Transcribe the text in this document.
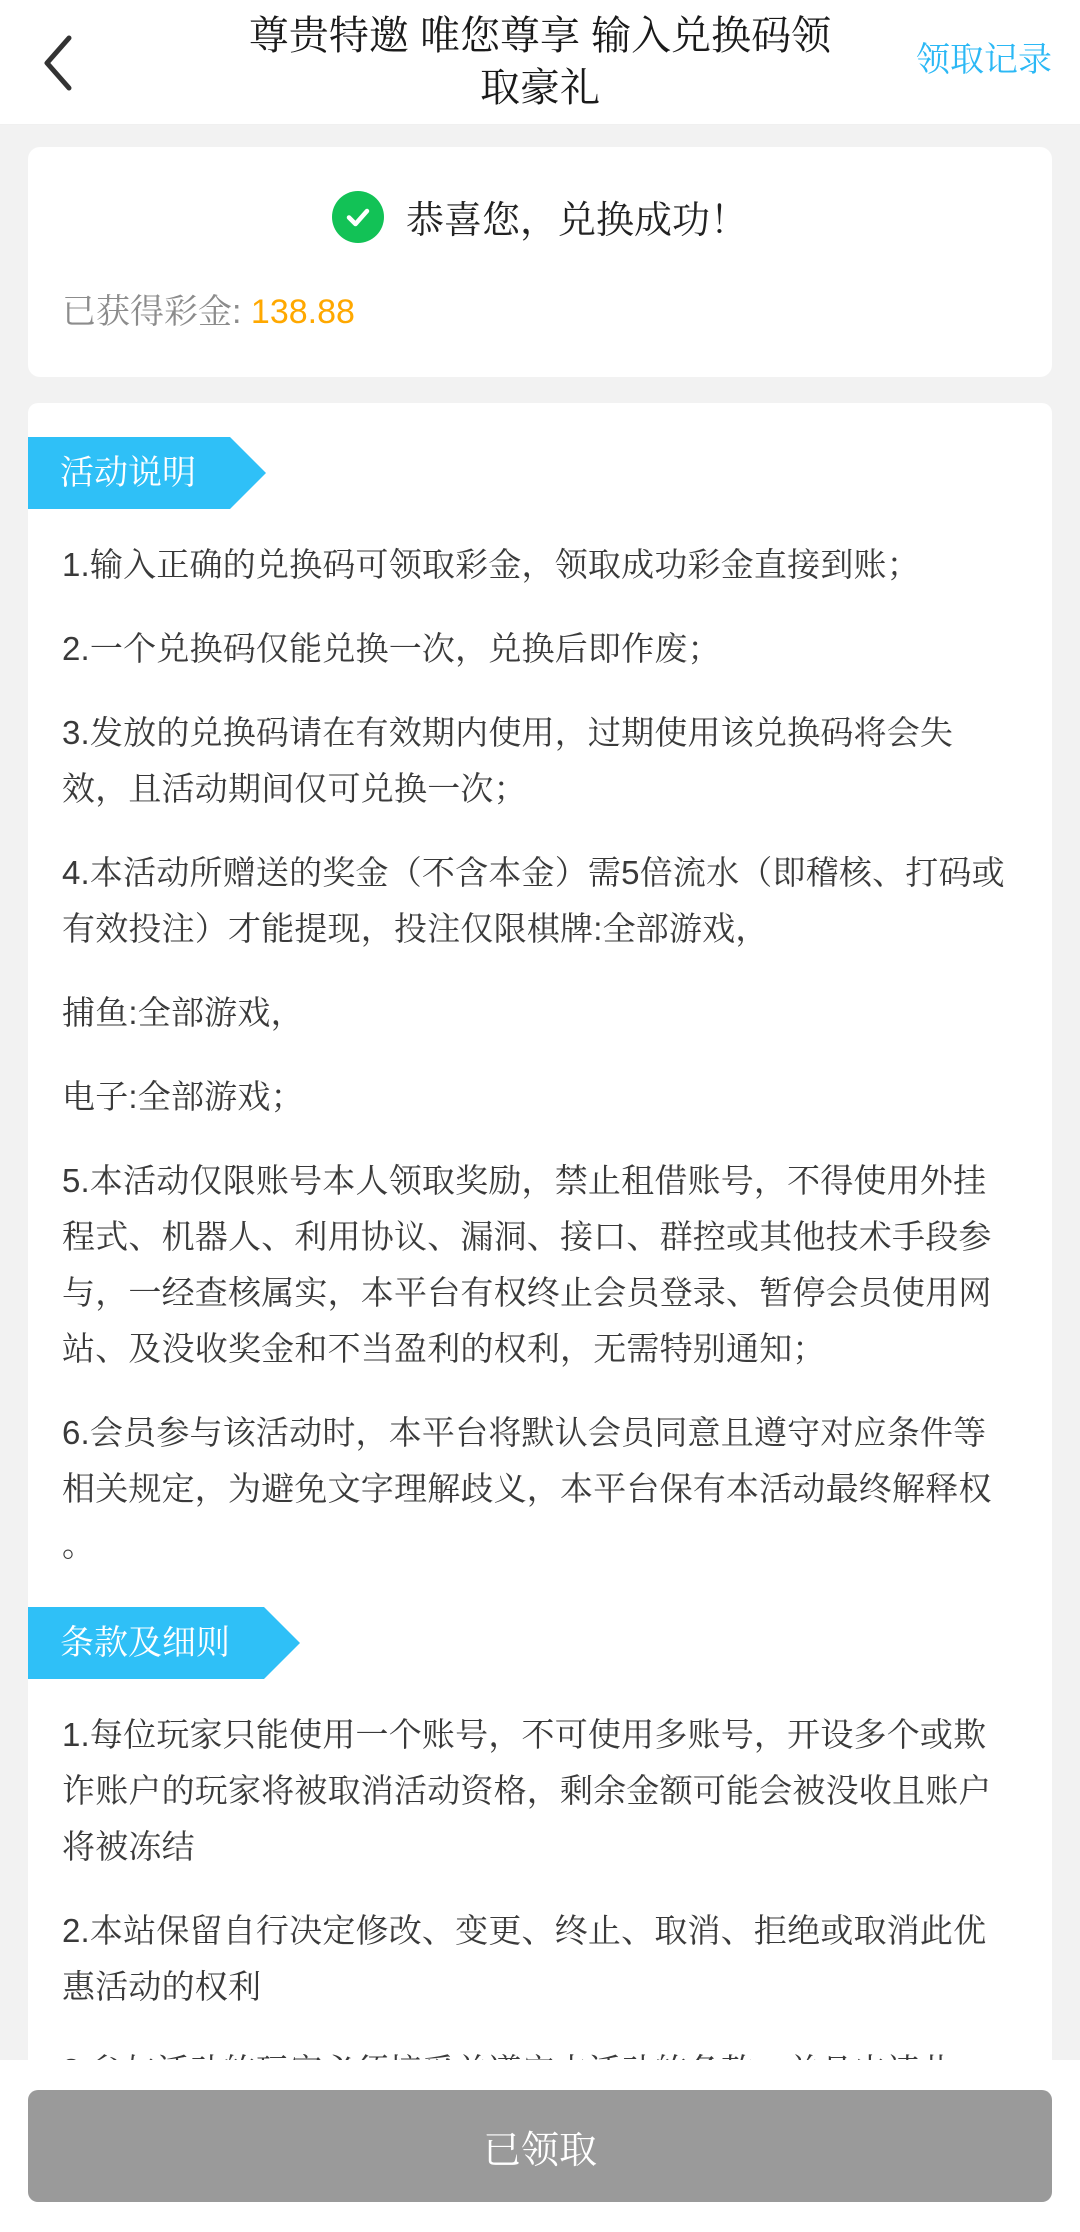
尊贵特邀 唯您尊享 输入兑换码领取豪礼
领取记录
恭喜您，兑换成功！
已获得彩金: 138.88
活动说明
1.输入正确的兑换码可领取彩金，领取成功彩金直接到账；
2.一个兑换码仅能兑换一次，兑换后即作废；
3.发放的兑换码请在有效期内使用，过期使用该兑换码将会失效，且活动期间仅可兑换一次；
4.本活动所赠送的奖金（不含本金）需5倍流水（即稽核、打码或有效投注）才能提现，投注仅限棋牌:全部游戏，
捕鱼:全部游戏，
电子:全部游戏；
5.本活动仅限账号本人领取奖励，禁止租借账号，不得使用外挂程式、机器人、利用协议、漏洞、接口、群控或其他技术手段参与，一经查核属实，本平台有权终止会员登录、暂停会员使用网站、及没收奖金和不当盈利的权利，无需特别通知；
6.会员参与该活动时，本平台将默认会员同意且遵守对应条件等相关规定，为避免文字理解歧义，本平台保有本活动最终解释权 。
条款及细则
1.每位玩家只能使用一个账号，不可使用多账号，开设多个或欺诈账户的玩家将被取消活动资格，剩余金额可能会被没收且账户将被冻结
2.本站保留自行决定修改、变更、终止、取消、拒绝或取消此优惠活动的权利
已领取
